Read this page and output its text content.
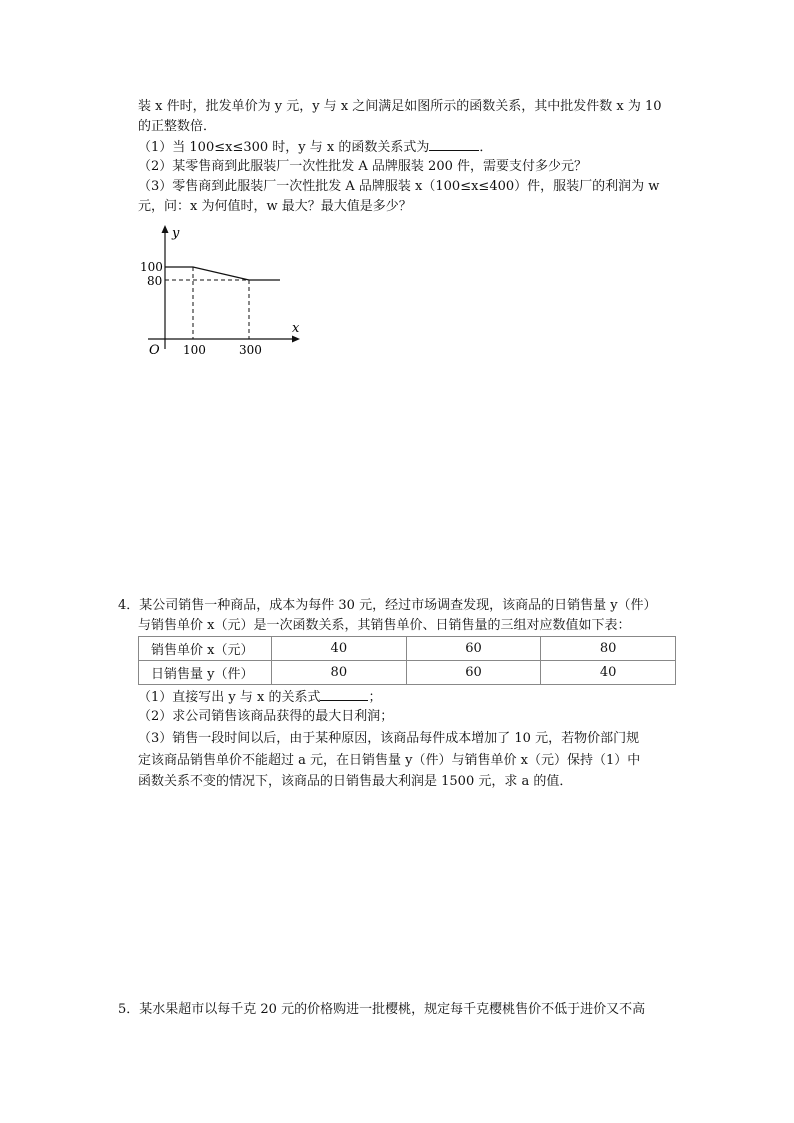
装 x 件时，批发单价为 y 元，y 与 x 之间满足如图所示的函数关系，其中批发件数 x 为 10
的正整数倍．
（1）当 100≤x≤300 时，y 与 x 的函数关系式为	．
（2）某零售商到此服装厂一次性批发 A 品牌服装 200 件，需要支付多少元？
（3）零售商到此服装厂一次性批发 A 品牌服装 x（100≤x≤400）件，服装厂的利润为 w
元，问：x 为何值时，w 最大？最大值是多少？
y
x
O
100
80
100	300
4．某公司销售一种商品，成本为每件 30 元，经过市场调查发现，该商品的日销售量 y（件）
与销售单价 x（元）是一次函数关系，其销售单价、日销售量的三组对应数值如下表：
销售单价 x（元）	40	60	80
日销售量 y（件）	80	60	40
（1）直接写出 y 与 x 的关系式	；
（2）求公司销售该商品获得的最大日利润；
（3）销售一段时间以后，由于某种原因，该商品每件成本增加了 10 元，若物价部门规
定该商品销售单价不能超过 a 元，在日销售量 y（件）与销售单价 x（元）保持（1）中
函数关系不变的情况下，该商品的日销售最大利润是 1500 元，求 a 的值．
5．某水果超市以每千克 20 元的价格购进一批樱桃，规定每千克樱桃售价不低于进价又不高
